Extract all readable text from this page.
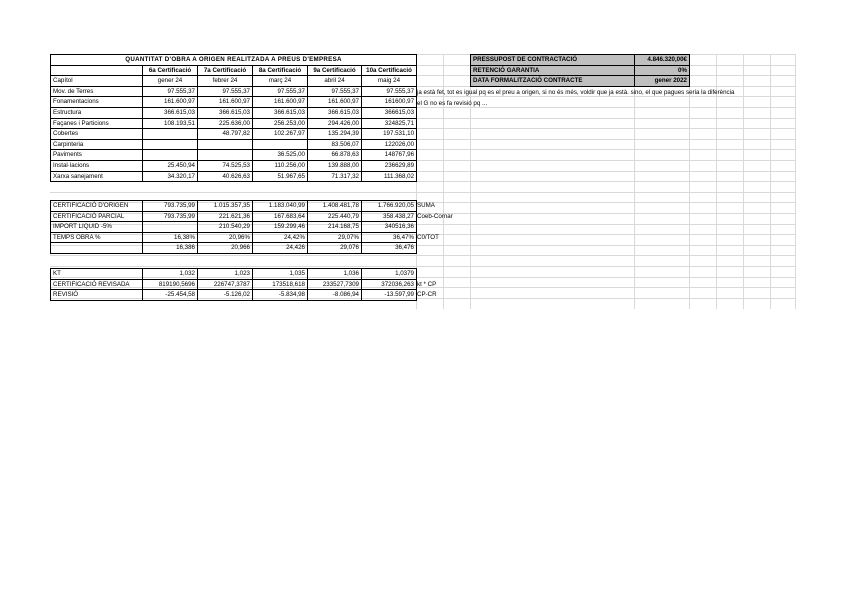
QUANTITAT D'OBRA A ORIGEN REALITZADA A PREUS D'EMPRESA					
	6a Certificació	7a Certificació	8a Certificació	9a Certificació	10a Certificació
Capítol	gener 24	febrer 24	març 24	abril 24	maig 24
Mov. de Terres	97.555,37	97.555,37	97.555,37	97.555,37	97.555,37
Fonamentacions	161.600,97	161.600,97	161.600,97	161.600,97	161600,97
Estructura	366.615,03	366.615,03	366.615,03	366.615,03	366615,03
Façanes i Particions	108.193,51	225.636,00	256.253,00	294.426,00	324825,71
Cobertes		48.797,82	102.267,97	135.294,39	197.531,10
Carpinteria				83.506,07	122026,00
Paviments			36.525,00	66.878,63	148767,96
Instal·lacions	25.450,94	74.525,53	110.256,00	139.888,00	236629,89
Xarxa sanejament	34.320,17	40.626,63	51.967,65	71.317,32	111.368,02
CERTIFICACIÓ D'ORIGEN	793.735,99	1.015.357,35	1.183.040,99	1.408.481,78	1.766.920,05
CERTIFICACIÓ PARCIAL	793.735,99	221.621,36	167.683,64	225.440,79	358.438,27
IMPORT LIQUID -5%		210.540,29	159.299,46	214.168,75	340516,36
TEMPS OBRA %	16,38%	20,96%	24,42%	29,07%	36,47%
	16,386	20,966	24,426	29,076	36,476
KT	1,032	1,023	1,035	1,036	1,0379
CERTIFICACIÓ REVISADA	819190,5696	226747,3787	173518,618	233527,7309	372036,263
REVISIÓ	-25.454,58	-5.126,02	-5.834,98	-8.086,94	-13.597,99
PRESSUPOST DE CONTRACTACIÓ	4.846.320,00€
RETENCIÓ GARANTIA	0%
DATA FORMALITZACIÓ CONTRACTE	gener 2022
ja està fet, tot es igual pq es el preu a origen, si no és més, voldir que ja està. sino, el que pagues seria la diferència
el G no es fa revisió pq ...
SUMA
Coeb-Cornar
C0/TOT
kt * CP
CP-CR
